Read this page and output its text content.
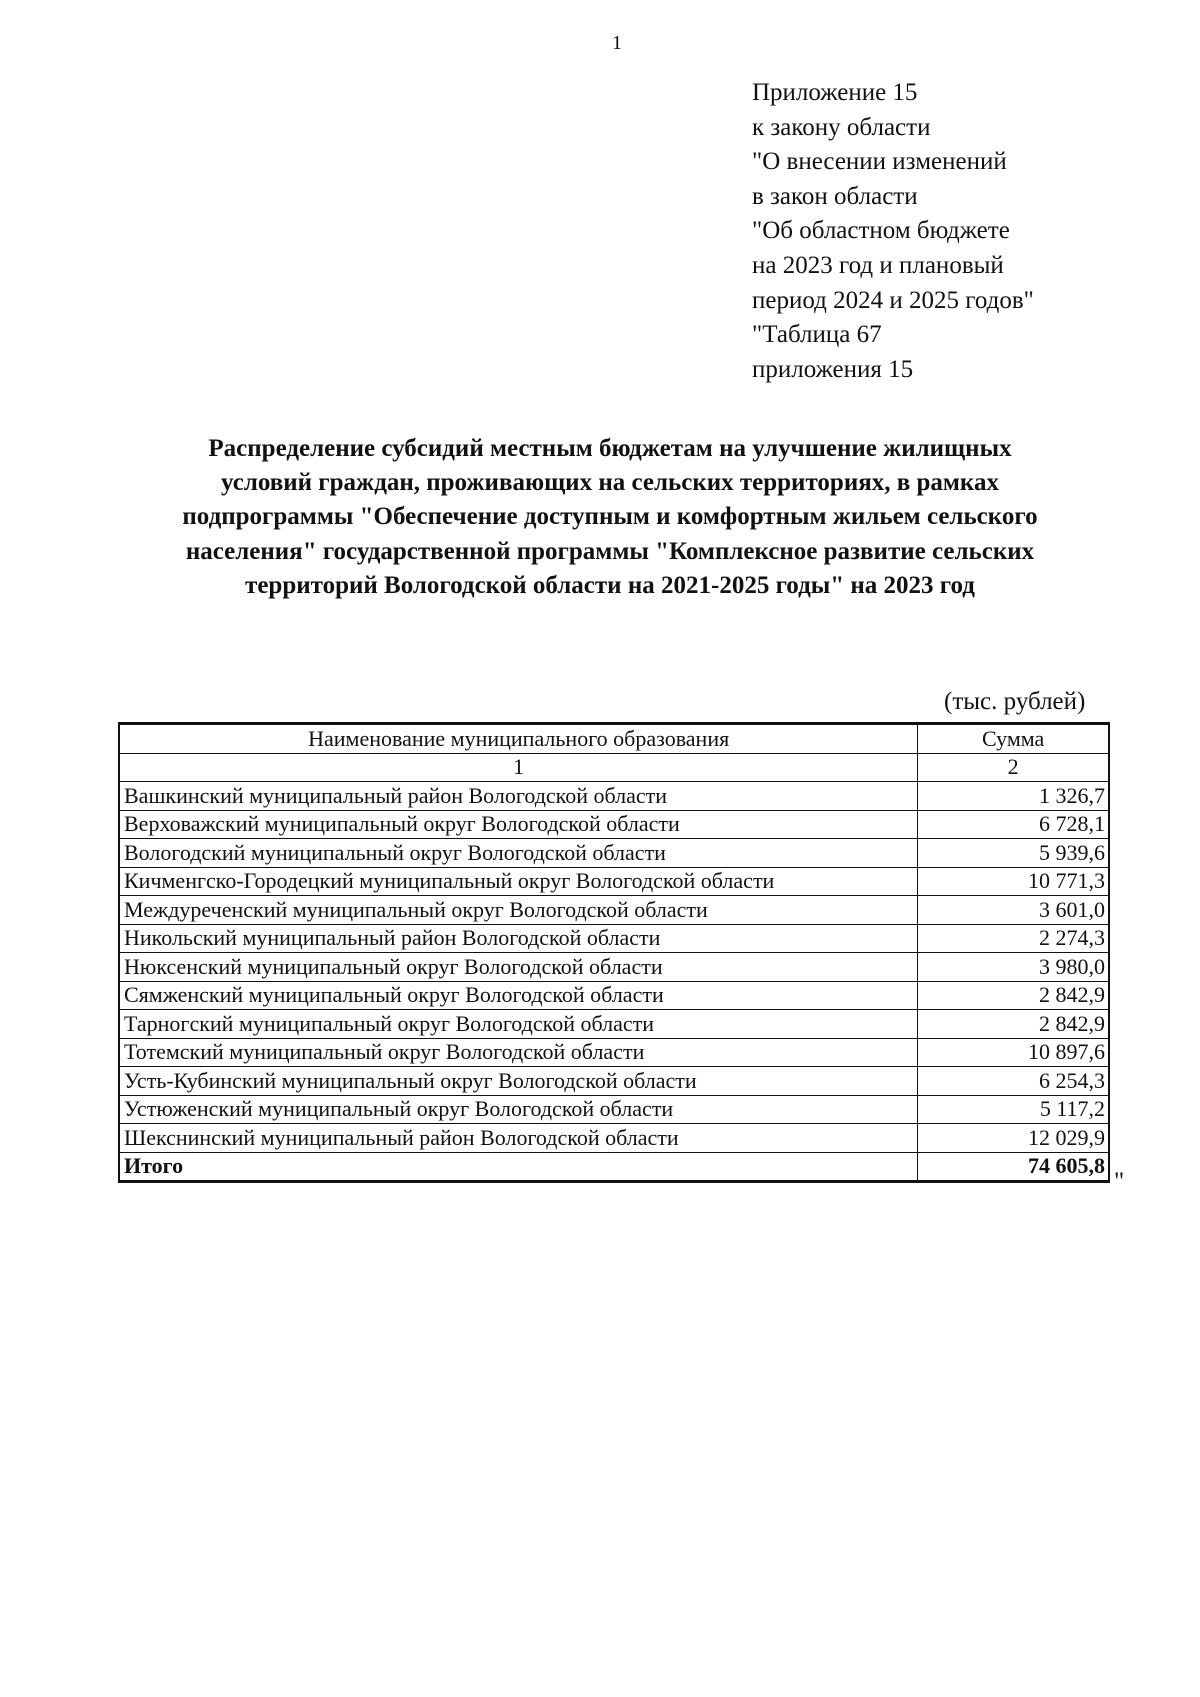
1
Приложение 15
к закону области
"О внесении изменений
в закон области
"Об областном бюджете
на 2023 год и плановый
период 2024 и 2025 годов"
"Таблица 67
приложения 15
Распределение субсидий местным бюджетам на улучшение жилищных
условий граждан, проживающих на сельских территориях, в рамках
подпрограммы "Обеспечение доступным и комфортным жильем сельского
населения" государственной программы "Комплексное развитие сельских
территорий Вологодской области на 2021-2025 годы" на 2023 год
(тыс. рублей)
Наименование муниципального образования	Сумма
1	2
Вашкинский муниципальный район Вологодской области	1 326,7
Верховажский муниципальный округ Вологодской области	6 728,1
Вологодский муниципальный округ Вологодской области	5 939,6
Кичменгско-Городецкий муниципальный округ Вологодской области	10 771,3
Междуреченский муниципальный округ Вологодской области	3 601,0
Никольский муниципальный район Вологодской области	2 274,3
Нюксенский муниципальный округ Вологодской области	3 980,0
Сямженский муниципальный округ Вологодской области	2 842,9
Тарногский муниципальный округ Вологодской области	2 842,9
Тотемский муниципальный округ Вологодской области	10 897,6
Усть-Кубинский муниципальный округ Вологодской области	6 254,3
Устюженский муниципальный округ Вологодской области	5 117,2
Шекснинский муниципальный район Вологодской области	12 029,9
Итого	74 605,8
"
